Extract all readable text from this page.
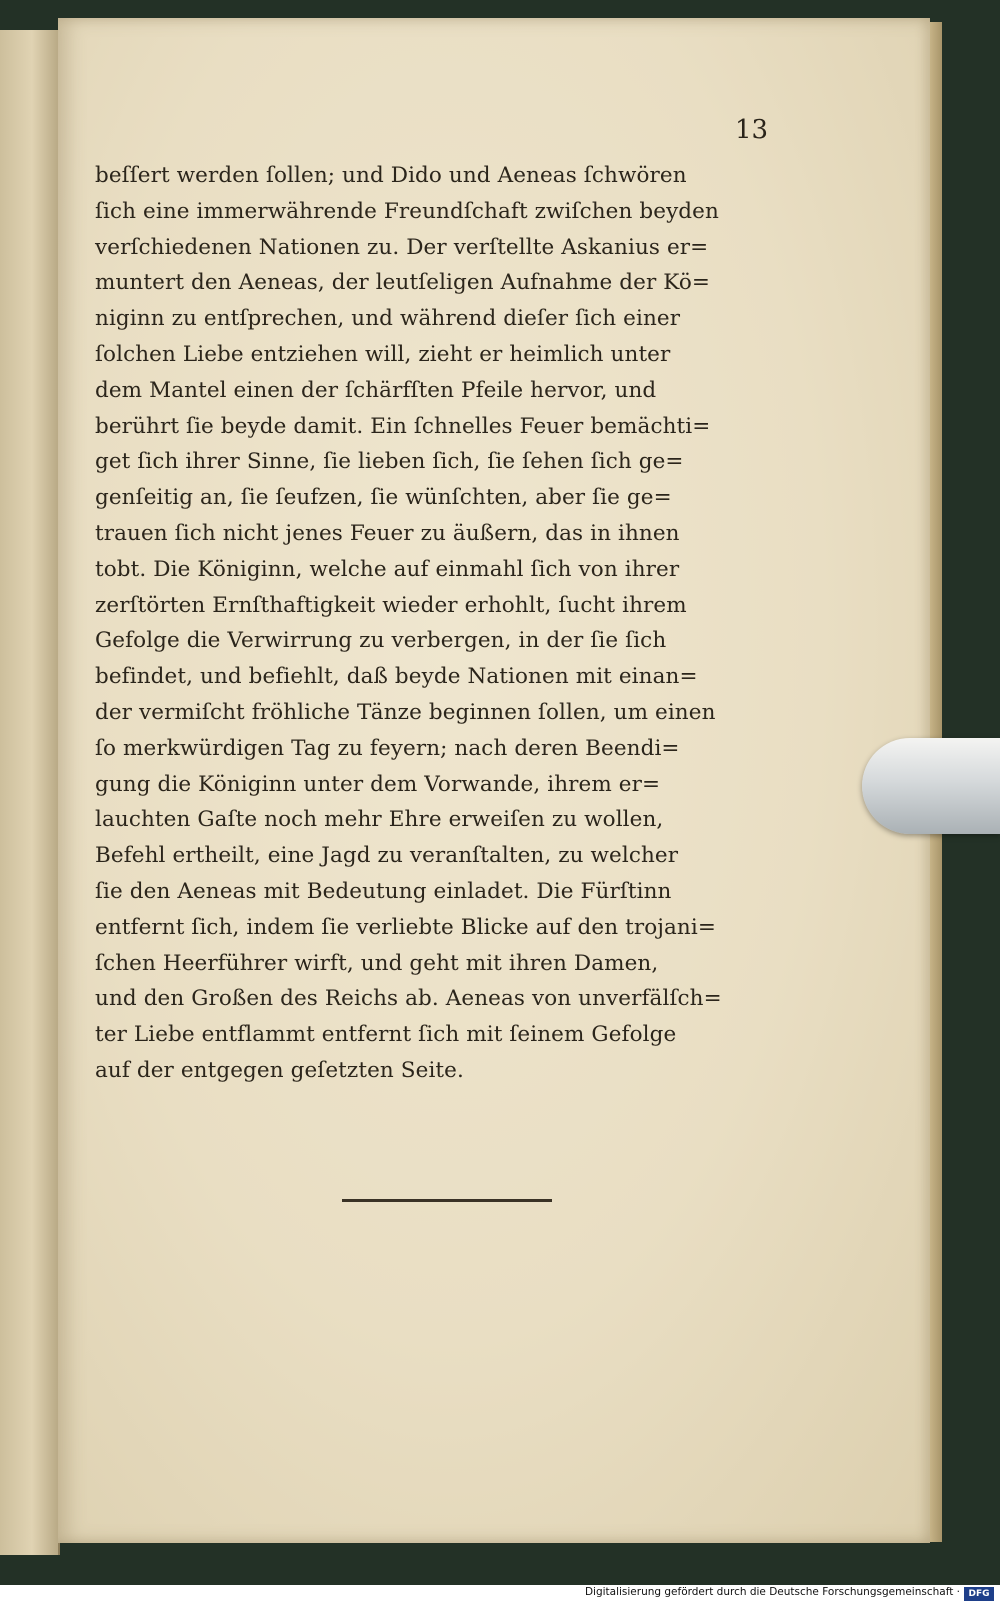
13
beſſert werden ſollen; und Dido und Aeneas ſchwören
ſich eine immerwährende Freundſchaft zwiſchen beyden
verſchiedenen Nationen zu. Der verſtellte Askanius er=
muntert den Aeneas, der leutſeligen Aufnahme der Kö=
niginn zu entſprechen, und während dieſer ſich einer
ſolchen Liebe entziehen will, zieht er heimlich unter
dem Mantel einen der ſchärfſten Pfeile hervor, und
berührt ſie beyde damit. Ein ſchnelles Feuer bemächti=
get ſich ihrer Sinne, ſie lieben ſich, ſie ſehen ſich ge=
genſeitig an, ſie ſeufzen, ſie wünſchten, aber ſie ge=
trauen ſich nicht jenes Feuer zu äußern, das in ihnen
tobt. Die Königinn, welche auf einmahl ſich von ihrer
zerſtörten Ernſthaftigkeit wieder erhohlt, ſucht ihrem
Gefolge die Verwirrung zu verbergen, in der ſie ſich
befindet, und befiehlt, daß beyde Nationen mit einan=
der vermiſcht fröhliche Tänze beginnen ſollen, um einen
ſo merkwürdigen Tag zu feyern; nach deren Beendi=
gung die Königinn unter dem Vorwande, ihrem er=
lauchten Gaſte noch mehr Ehre erweiſen zu wollen,
Befehl ertheilt, eine Jagd zu veranſtalten, zu welcher
ſie den Aeneas mit Bedeutung einladet. Die Fürſtinn
entfernt ſich, indem ſie verliebte Blicke auf den trojani=
ſchen Heerführer wirft, und geht mit ihren Damen,
und den Großen des Reichs ab. Aeneas von unverfälſch=
ter Liebe entflammt entfernt ſich mit ſeinem Gefolge
auf der entgegen geſetzten Seite.
Digitalisierung gefördert durch die Deutsche Forschungsgemeinschaft · DFG
